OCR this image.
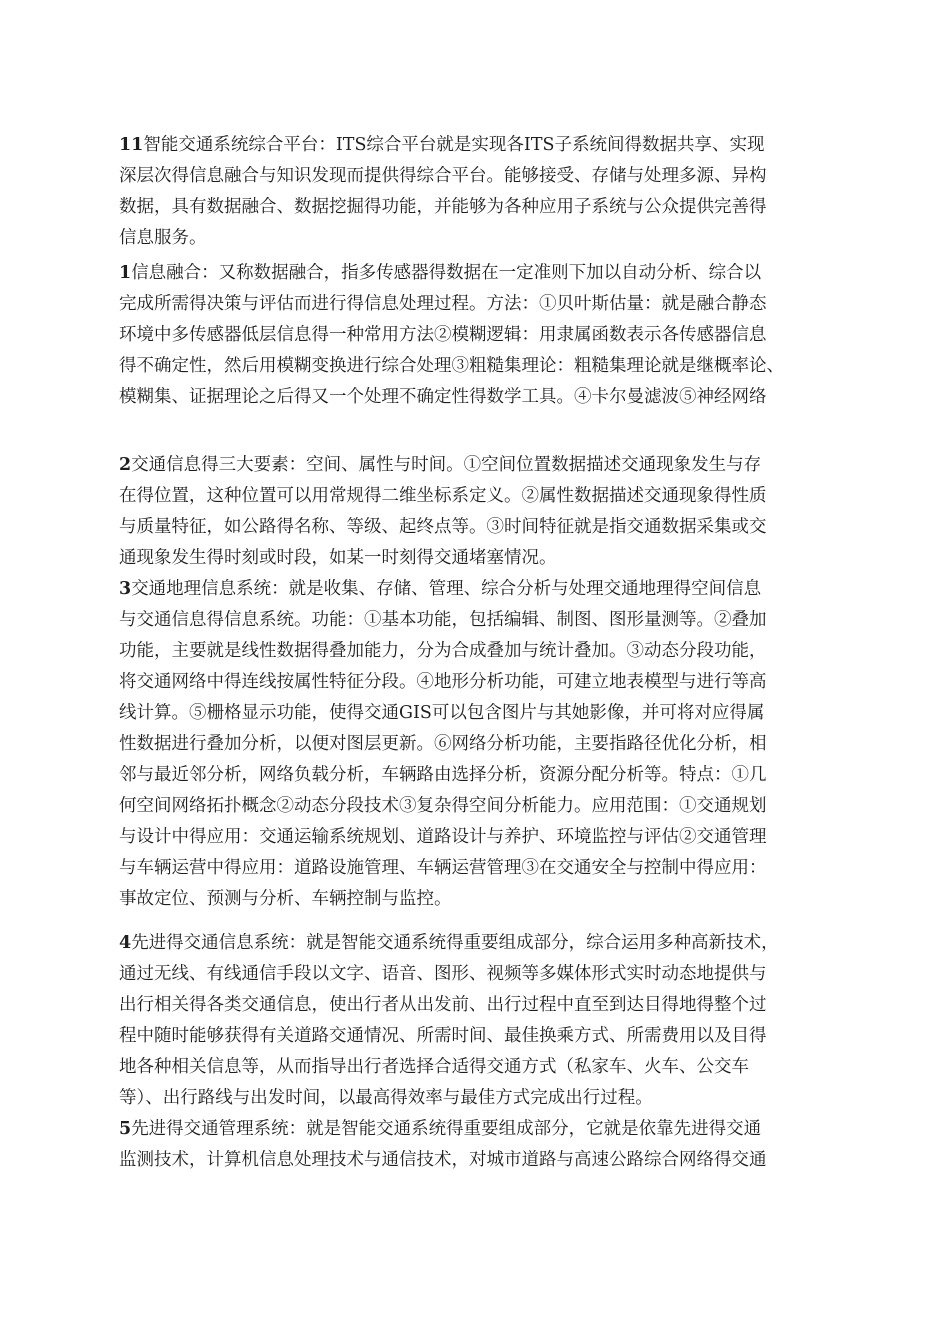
11智能交通系统综合平台：ITS综合平台就是实现各ITS子系统间得数据共享、实现
深层次得信息融合与知识发现而提供得综合平台。能够接受、存储与处理多源、异构
数据，具有数据融合、数据挖掘得功能，并能够为各种应用子系统与公众提供完善得
信息服务。
1信息融合：又称数据融合，指多传感器得数据在一定准则下加以自动分析、综合以
完成所需得决策与评估而进行得信息处理过程。方法：①贝叶斯估量：就是融合静态
环境中多传感器低层信息得一种常用方法②模糊逻辑：用隶属函数表示各传感器信息
得不确定性，然后用模糊变换进行综合处理③粗糙集理论：粗糙集理论就是继概率论、
模糊集、证据理论之后得又一个处理不确定性得数学工具。④卡尔曼滤波⑤神经网络
2交通信息得三大要素：空间、属性与时间。①空间位置数据描述交通现象发生与存
在得位置，这种位置可以用常规得二维坐标系定义。②属性数据描述交通现象得性质
与质量特征，如公路得名称、等级、起终点等。③时间特征就是指交通数据采集或交
通现象发生得时刻或时段，如某一时刻得交通堵塞情况。
3交通地理信息系统：就是收集、存储、管理、综合分析与处理交通地理得空间信息
与交通信息得信息系统。功能：①基本功能，包括编辑、制图、图形量测等。②叠加
功能，主要就是线性数据得叠加能力，分为合成叠加与统计叠加。③动态分段功能，
将交通网络中得连线按属性特征分段。④地形分析功能，可建立地表模型与进行等高
线计算。⑤栅格显示功能，使得交通GIS可以包含图片与其她影像，并可将对应得属
性数据进行叠加分析，以便对图层更新。⑥网络分析功能，主要指路径优化分析，相
邻与最近邻分析，网络负载分析，车辆路由选择分析，资源分配分析等。特点：①几
何空间网络拓扑概念②动态分段技术③复杂得空间分析能力。应用范围：①交通规划
与设计中得应用：交通运输系统规划、道路设计与养护、环境监控与评估②交通管理
与车辆运营中得应用：道路设施管理、车辆运营管理③在交通安全与控制中得应用：
事故定位、预测与分析、车辆控制与监控。
4先进得交通信息系统：就是智能交通系统得重要组成部分，综合运用多种高新技术，
通过无线、有线通信手段以文字、语音、图形、视频等多媒体形式实时动态地提供与
出行相关得各类交通信息，使出行者从出发前、出行过程中直至到达目得地得整个过
程中随时能够获得有关道路交通情况、所需时间、最佳换乘方式、所需费用以及目得
地各种相关信息等，从而指导出行者选择合适得交通方式（私家车、火车、公交车
等）、出行路线与出发时间，以最高得效率与最佳方式完成出行过程。
5先进得交通管理系统：就是智能交通系统得重要组成部分，它就是依靠先进得交通
监测技术，计算机信息处理技术与通信技术，对城市道路与高速公路综合网络得交通
